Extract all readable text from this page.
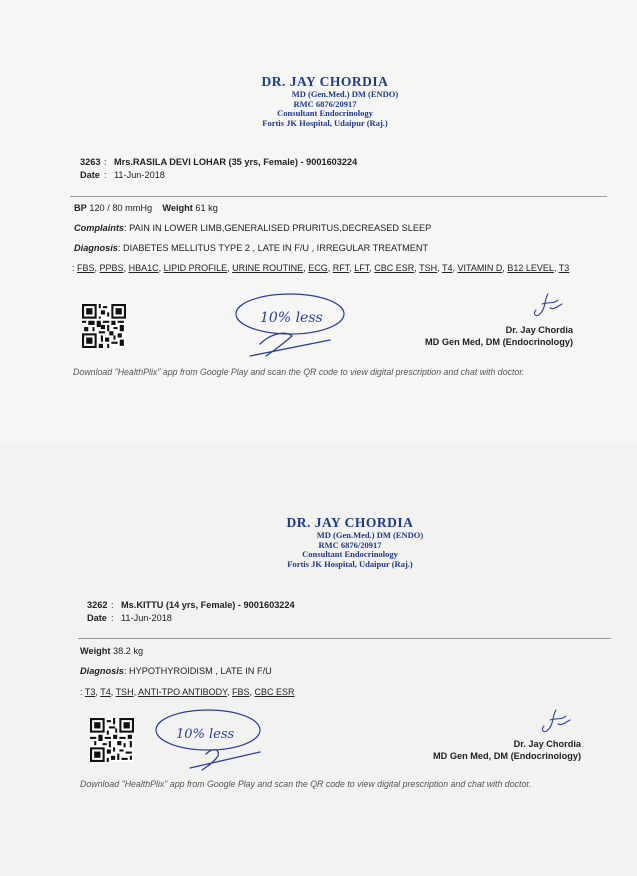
DR. JAY CHORDIA
MD (Gen.Med.) DM (ENDO)
RMC 6876/20917
Consultant Endocrinology
Fortis JK Hospital, Udaipur (Raj.)
3263 : Mrs.RASILA DEVI LOHAR (35 yrs, Female) - 9001603224
Date : 11-Jun-2018
BP 120 / 80 mmHg Weight 61 kg
Complaints: PAIN IN LOWER LIMB,GENERALISED PRURITUS,DECREASED SLEEP
Diagnosis: DIABETES MELLITUS TYPE 2 , LATE IN F/U , IRREGULAR TREATMENT
: FBS, PPBS, HBA1C, LIPID PROFILE, URINE ROUTINE, ECG, RFT, LFT, CBC ESR, TSH, T4, VITAMIN D, B12 LEVEL, T3
10% less
Dr. Jay Chordia
MD Gen Med, DM (Endocrinology)
Download "HealthPlix" app from Google Play and scan the QR code to view digital prescription and chat with doctor.
DR. JAY CHORDIA
MD (Gen.Med.) DM (ENDO)
RMC 6876/20917
Consultant Endocrinology
Fortis JK Hospital, Udaipur (Raj.)
3262 : Ms.KITTU (14 yrs, Female) - 9001603224
Date : 11-Jun-2018
Weight 38.2 kg
Diagnosis: HYPOTHYROIDISM , LATE IN F/U
: T3, T4, TSH, ANTI-TPO ANTIBODY, FBS, CBC ESR
10% less
Dr. Jay Chordia
MD Gen Med, DM (Endocrinology)
Download "HealthPlix" app from Google Play and scan the QR code to view digital prescription and chat with doctor.
